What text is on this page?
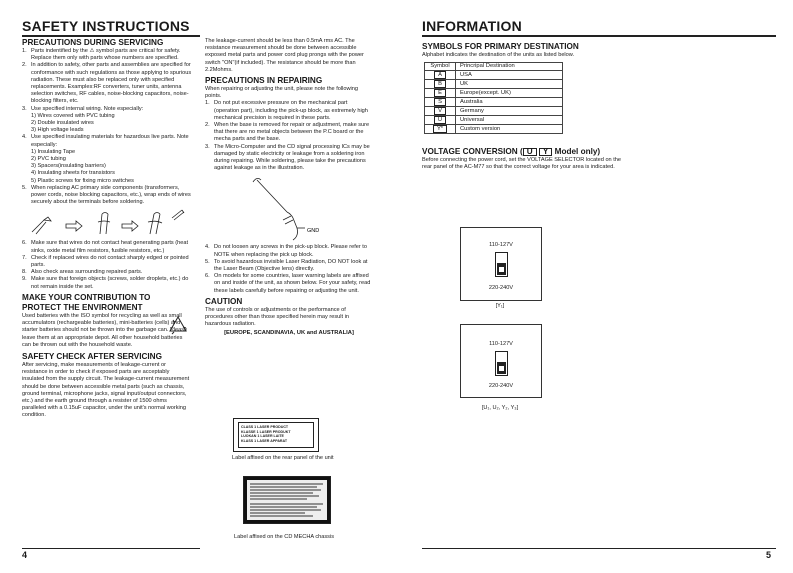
SAFETY INSTRUCTIONS

PRECAUTIONS DURING SERVICING

1. Parts indentified by the ⚠ symbol parts are critical for safety. Replace them only with parts whose numbers are specified.
2. In addition to safety, other parts and assemblies are specified for conformance with such regulations as those applying to spurious radiation. These must also be replaced only with specified replacements. Examples:RF converters, tuner units, antenna selection switches, RF cables, noise-blocking capacitors, noise-blocking filters, etc.
3. Use specified internal wiring. Note especially:

1) Wires covered with PVC tubing

2) Double insulated wires

3) High voltage leads

4. Use specified insulating materials for hazardous live parts. Note especially:

1) Insulating Tape

2) PVC tubing

3) Spacers(insulating barriers)

4) Insulating sheets for transistors

5) Plastic screws for fixing micro switches

5. When replacing AC primary side components (transformers, power cords, noise blocking capacitors, etc.), wrap ends of wires securely about the terminals before soldering.
6. Make sure that wires do not contact heat generating parts (heat sinks, oxide metal film resistors, fusible resistors, etc.)
7. Check if replaced wires do not contact sharply edged or pointed parts.
8. Also check areas surrounding repaired parts.
9. Make sure that foreign objects (screws, solder droplets, etc.) do not remain inside the set.

MAKE YOUR CONTRIBUTION TO PROTECT THE ENVIRONMENT

Used batteries with the ISO symbol for recycling as well as small accumulators (rechargeable batteries), mini-batteries (cells) and starter batteries should not be thrown into the garbage can. Please leave them at an appropriate depot. All other household batteries can be thrown out with the household waste.

SAFETY CHECK AFTER SERVICING

After servicing, make measurements of leakage-current or resistance in order to check if exposed parts are acceptably insulated from the supply circuit. The leakage-current measurement should be done between accessible metal parts (such as chassis, ground terminal, microphone jacks, signal input/output connectors, etc.) and the earth ground through a resister of 1500 ohms paralleled with a 0.15uF capacitor, under the unit's normal working condition.

4

The leakage-current should be less than 0.5mA rms AC. The resistance measurement should be done between accessible exposed metal parts and power cord plug prongs with the power switch "ON"(if included). The resistance should be more than 2.2Mohms.

PRECAUTIONS IN REPAIRING

When repairing or adjusting the unit, please note the following points.

1. Do not put excessive pressure on the mechanical part (operation part), including the pick-up block, as extremely high mechanical precision is required in these parts.
2. When the base is removed for repair or adjustment, make sure that there are no metal objects between the P.C board or the mecha parts and the base.
3. The Micro-Computer and the CD signal processing ICs may be damaged by static electricity or leakage from a soldering iron during repairing. While soldering, please take the precautions against leakage as in the illustration.
GND
4. Do not loosen any screws in the pick-up block. Please refer to NOTE when replacing the pick up block.
5. To avoid hazardous invisible Laser Radiation, DO NOT look at the Laser Beam (Objective lens) directly.
6. On models for some countries, laser warning labels are affixed on and inside of the unit, as shown below. For your safety, read these labels carefully before repairing or adjusting the unit.

CAUTION

The use of controls or adjustments or the performance of procedures other than those specified herein may result in hazardous radiation.

[EUROPE, SCANDINAVIA, UK and AUSTRALIA]

CLASS 1 LASER PRODUCT
KLASSE 1 LASER PRODUKT
LUOKAN 1 LASER LAITE
KLASS 1 LASER APPARAT
Label affixed on the rear panel of the unit
Label affixed on the CD MECHA chassis
INFORMATION

SYMBOLS FOR PRIMARY DESTINATION

Alphabet indicates the destination of the units as listed below.

Symbol	Princripal Destination
A	USA
B	UK
E	Europe(except. UK)
S	Australia
V	Germany
U	Universal
Y*	Custom version

VOLTAGE CONVERSION ( U Y Model only)

Before connecting the power cord, set the VOLTAGE SELECTOR located on the rear panel of the AC-M77 so that the correct voltage for your area is indicated.

110-127V
220-240V
[Y₁]
110-127V
220-240V
[U₁, U₂, Y₂, Y₃]
5
